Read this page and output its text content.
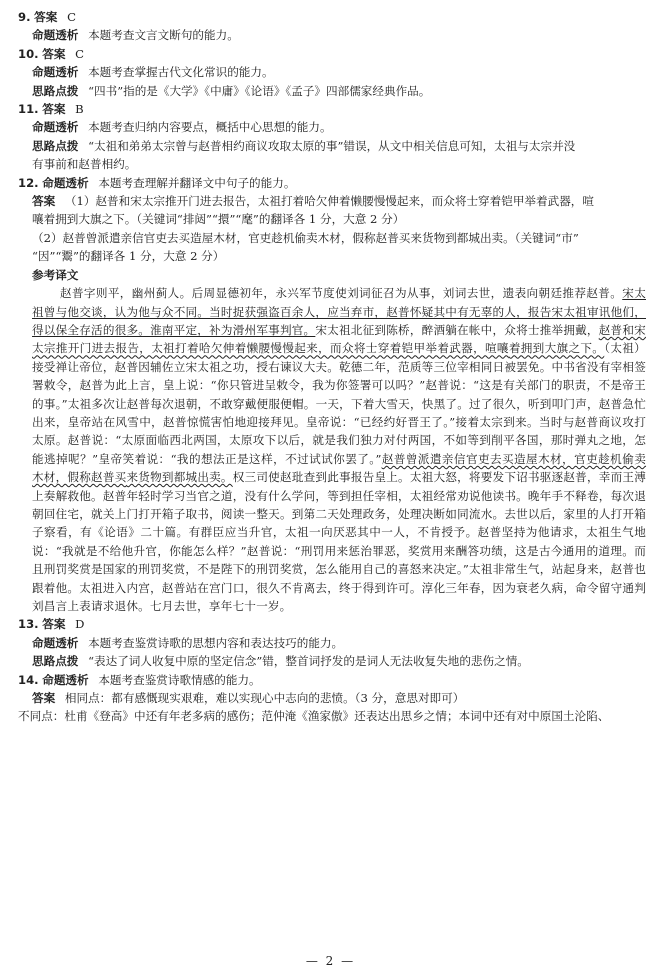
9. 答案 C
命题透析 本题考查文言文断句的能力。
10. 答案 C
命题透析 本题考查掌握古代文化常识的能力。
思路点拨 “四书”指的是《大学》《中庸》《论语》《孟子》四部儒家经典作品。
11. 答案 B
命题透析 本题考查归纳内容要点，概括中心思想的能力。
思路点拨 “太祖和弟弟太宗曾与赵普相约商议攻取太原的事”错误，从文中相关信息可知，太祖与太宗并没
有事前和赵普相约。
12. 命题透析 本题考查理解并翻译文中句子的能力。
答案 （1）赵普和宋太宗推开门进去报告，太祖打着哈欠伸着懒腰慢慢起来，而众将士穿着铠甲举着武器，喧
嚷着拥到大旗之下。（关键词“排闼”“擐”“麾”的翻译各 1 分，大意 2 分）
（2）赵普曾派遣亲信官吏去买造屋木材，官吏趁机偷卖木材，假称赵普买来货物到都城出卖。（关键词“市”
“因”“鬻”的翻译各 1 分，大意 2 分）
参考译文
赵普字则平，幽州蓟人。后周显德初年，永兴军节度使刘词征召为从事，刘词去世，遗表向朝廷推荐赵普。宋太祖曾与他交谈，认为他与众不同。当时捉获强盗百余人，应当弃市，赵普怀疑其中有无辜的人，报告宋太祖审讯他们，得以保全存活的很多。淮南平定，补为滑州军事判官。宋太祖北征到陈桥，醉酒躺在帐中，众将士推举拥戴，赵普和宋太宗推开门进去报告，太祖打着哈欠伸着懒腰慢慢起来，而众将士穿着铠甲举着武器，喧嚷着拥到大旗之下。（太祖）接受禅让帝位，赵普因辅佐立宋太祖之功，授右谏议大夫。乾德二年，范质等三位宰相同日被罢免。中书省没有宰相签署敕令，赵普为此上言，皇上说：“你只管进呈敕令，我为你签署可以吗？”赵普说：“这是有关部门的职责，不是帝王的事。”太祖多次让赵普每次退朝，不敢穿戴便服便帽。一天，下着大雪天，快黑了。过了很久，听到叩门声，赵普急忙出来，皇帝站在风雪中，赵普惊慌害怕地迎接拜见。皇帝说：“已经约好晋王了。”接着太宗到来。当时与赵普商议攻打太原。赵普说：“太原面临西北两国，太原攻下以后，就是我们独力对付两国，不如等到削平各国，那时弹丸之地，怎能逃掉呢？”皇帝笑着说：“我的想法正是这样，不过试试你罢了。”赵普曾派遣亲信官吏去买造屋木材，官吏趁机偷卖木材，假称赵普买来货物到都城出卖。权三司使赵玭查到此事报告皇上。太祖大怒，将要发下诏书驱逐赵普，幸而王溥上奏解救他。赵普年轻时学习当官之道，没有什么学问，等到担任宰相，太祖经常劝说他读书。晚年手不释卷，每次退朝回住宅，就关上门打开箱子取书，阅读一整天。到第二天处理政务，处理决断如同流水。去世以后，家里的人打开箱子察看，有《论语》二十篇。有群臣应当升官，太祖一向厌恶其中一人，不肯授予。赵普坚持为他请求，太祖生气地说：“我就是不给他升官，你能怎么样？”赵普说：“刑罚用来惩治罪恶，奖赏用来酬答功绩，这是古今通用的道理。而且刑罚奖赏是国家的刑罚奖赏，不是陛下的刑罚奖赏，怎么能用自己的喜怒来决定。”太祖非常生气，站起身来，赵普也跟着他。太祖进入内宫，赵普站在宫门口，很久不肯离去，终于得到许可。淳化三年春，因为衰老久病，命令留守通判刘昌言上表请求退休。七月去世，享年七十一岁。
13. 答案 D
命题透析 本题考查鉴赏诗歌的思想内容和表达技巧的能力。
思路点拨 “表达了词人收复中原的坚定信念”错，整首词抒发的是词人无法收复失地的悲伤之情。
14. 命题透析 本题考查鉴赏诗歌情感的能力。
答案 相同点：都有感慨现实艰难，难以实现心中志向的悲愤。（3 分，意思对即可）
不同点：杜甫《登高》中还有年老多病的感伤；范仲淹《渔家傲》还表达出思乡之情；本词中还有对中原国土沦陷、
— 2 —
